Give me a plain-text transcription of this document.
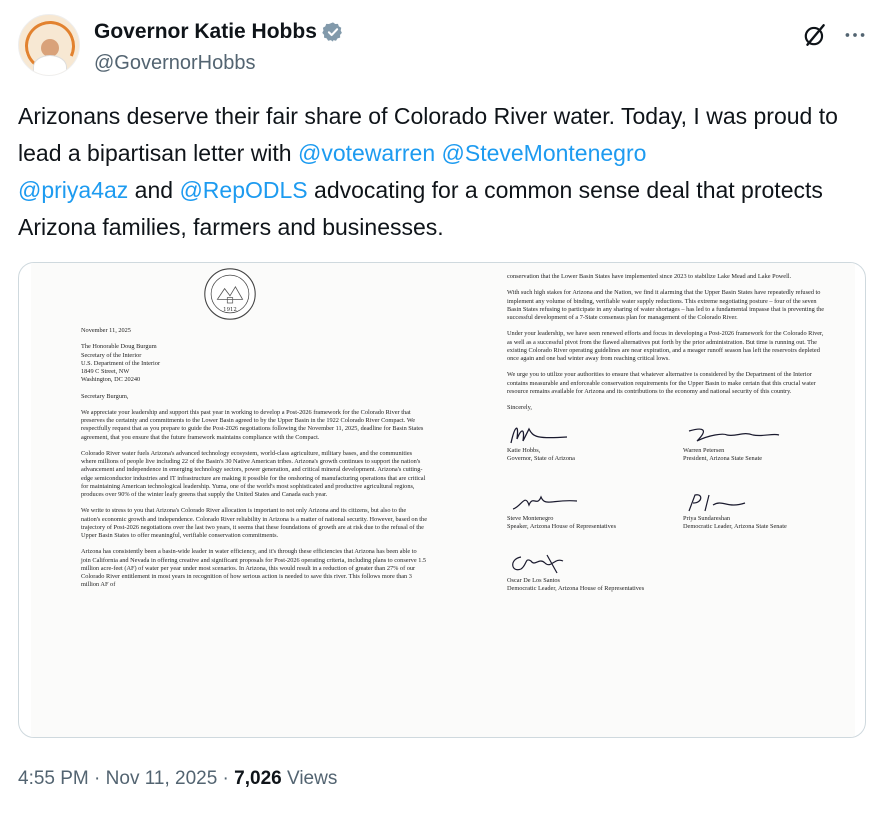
Governor Katie Hobbs
@GovernorHobbs
Arizonans deserve their fair share of Colorado River water. Today, I was proud to lead a bipartisan letter with @votewarren @SteveMontenegro
@priya4az and @RepODLS advocating for a common sense deal that protects Arizona families, farmers and businesses.
1912
November 11, 2025
The Honorable Doug Burgum
Secretary of the Interior
U.S. Department of the Interior
1849 C Street, NW
Washington, DC 20240
Secretary Burgum,
We appreciate your leadership and support this past year in working to develop a Post-2026 framework for the Colorado River that preserves the certainty and commitments to the Lower Basin agreed to by the Upper Basin in the 1922 Colorado River Compact. We respectfully request that as you prepare to guide the Post-2026 negotiations following the November 11, 2025, deadline for Basin States agreement, that you ensure that the future framework maintains compliance with the Compact.
Colorado River water fuels Arizona's advanced technology ecosystem, world-class agriculture, military bases, and the communities where millions of people live including 22 of the Basin's 30 Native American tribes. Arizona's growth continues to support the nation's advancement and independence in emerging technology sectors, power generation, and critical mineral development. Arizona's cutting-edge semiconductor industries and IT infrastructure are making it possible for the onshoring of manufacturing operations that are critical for maintaining American technological leadership. Yuma, one of the world's most sophisticated and productive agricultural regions, produces over 90% of the winter leafy greens that supply the United States and Canada each year.
We write to stress to you that Arizona's Colorado River allocation is important to not only Arizona and its citizens, but also to the nation's economic growth and independence. Colorado River reliability in Arizona is a matter of national security. However, based on the trajectory of Post-2026 negotiations over the last two years, it seems that these foundations of growth are at risk due to the refusal of the Upper Basin States to offer meaningful, verifiable conservation commitments.
Arizona has consistently been a basin-wide leader in water efficiency, and it's through these efficiencies that Arizona has been able to join California and Nevada in offering creative and significant proposals for Post-2026 operating criteria, including plans to conserve 1.5 million acre-feet (AF) of water per year under most scenarios. In Arizona, this would result in a reduction of greater than 27% of our Colorado River entitlement in most years in recognition of how serious action is needed to save this river. This follows more than 3 million AF of
conservation that the Lower Basin States have implemented since 2023 to stabilize Lake Mead and Lake Powell.
With such high stakes for Arizona and the Nation, we find it alarming that the Upper Basin States have repeatedly refused to implement any volume of binding, verifiable water supply reductions. This extreme negotiating posture – four of the seven Basin States refusing to participate in any sharing of water shortages – has led to a fundamental impasse that is preventing the successful development of a 7-State consensus plan for management of the Colorado River.
Under your leadership, we have seen renewed efforts and focus in developing a Post-2026 framework for the Colorado River, as well as a successful pivot from the flawed alternatives put forth by the prior administration. But time is running out. The existing Colorado River operating guidelines are near expiration, and a meager runoff season has left the reservoirs depleted once again and one bad winter away from reaching critical lows.
We urge you to utilize your authorities to ensure that whatever alternative is considered by the Department of the Interior contains measurable and enforceable conservation requirements for the Upper Basin to make certain that this crucial water resource remains available for Arizona and its contributions to the economy and national security of this country.
Sincerely,
Katie Hobbs,
Governor, State of Arizona
Warren Petersen
President, Arizona State Senate
Steve Montenegro
Speaker, Arizona House of Representatives
Priya Sundareshan
Democratic Leader, Arizona State Senate
Oscar De Los Santos
Democratic Leader, Arizona House of Representatives
4:55 PM · Nov 11, 2025 · 7,026 Views
